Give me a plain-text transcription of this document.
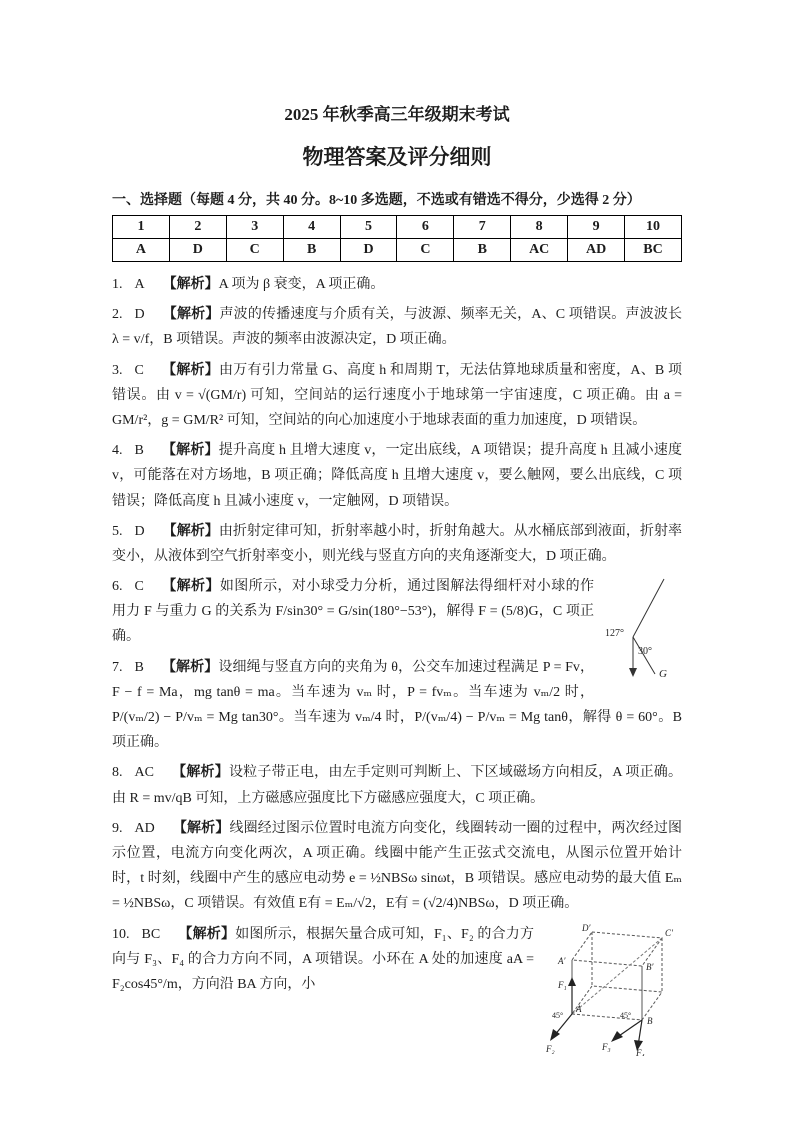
2025 年秋季高三年级期末考试
物理答案及评分细则
一、选择题（每题 4 分，共 40 分。8~10 多选题，不选或有错选不得分，少选得 2 分）
1	2	3	4	5	6	7	8	9	10
A	D	C	B	D	C	B	AC	AD	BC
1. A 【解析】A 项为 β 衰变，A 项正确。
2. D 【解析】声波的传播速度与介质有关，与波源、频率无关，A、C 项错误。声波波长 λ = v/f，B 项错误。声波的频率由波源决定，D 项正确。
3. C 【解析】由万有引力常量 G、高度 h 和周期 T，无法估算地球质量和密度，A、B 项错误。由 v = √(GM/r) 可知，空间站的运行速度小于地球第一宇宙速度，C 项正确。由 a = GM/r²，g = GM/R² 可知，空间站的向心加速度小于地球表面的重力加速度，D 项错误。
4. B 【解析】提升高度 h 且增大速度 v，一定出底线，A 项错误；提升高度 h 且减小速度 v，可能落在对方场地，B 项正确；降低高度 h 且增大速度 v，要么触网，要么出底线，C 项错误；降低高度 h 且减小速度 v，一定触网，D 项错误。
5. D 【解析】由折射定律可知，折射率越小时，折射角越大。从水桶底部到液面，折射率变小，从液体到空气折射率变小，则光线与竖直方向的夹角逐渐变大，D 项正确。
127°
30°
G
6. C 【解析】如图所示，对小球受力分析，通过图解法得细杆对小球的作用力 F 与重力 G 的关系为 F/sin30° = G/sin(180°−53°)，解得 F = (5/8)G，C 项正确。
7. B 【解析】设细绳与竖直方向的夹角为 θ，公交车加速过程满足 P = Fv，F − f = Ma，mg tanθ = ma。当车速为 vₘ 时，P = fvₘ。当车速为 vₘ/2 时，P/(vₘ/2) − P/vₘ = Mg tan30°。当车速为 vₘ/4 时，P/(vₘ/4) − P/vₘ = Mg tanθ，解得 θ = 60°。B 项正确。
8. AC 【解析】设粒子带正电，由左手定则可判断上、下区域磁场方向相反，A 项正确。由 R = mv/qB 可知，上方磁感应强度比下方磁感应强度大，C 项正确。
9. AD 【解析】线圈经过图示位置时电流方向变化，线圈转动一圈的过程中，两次经过图示位置，电流方向变化两次，A 项正确。线圈中能产生正弦式交流电，从图示位置开始计时，t 时刻，线圈中产生的感应电动势 e = ½NBSω sinωt，B 项错误。感应电动势的最大值 Eₘ = ½NBSω，C 项错误。有效值 E有 = Eₘ/√2，E有 = (√2/4)NBSω，D 项正确。
D′	C′
A′
B′
A
B
F₁
F₂	F₃
F₄
45°	45°
10. BC 【解析】如图所示，根据矢量合成可知，F₁、F₂ 的合力方向与 F₃、F₄ 的合力方向不同，A 项错误。小环在 A 处的加速度 aA = F₂cos45°/m，方向沿 BA 方向，小
